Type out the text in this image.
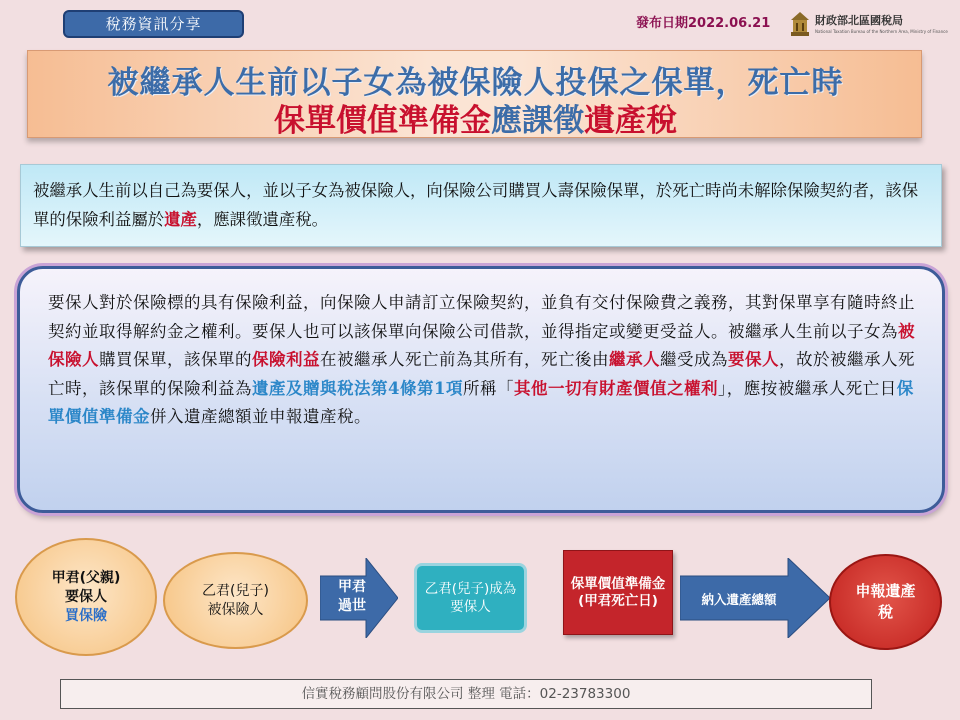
稅務資訊分享	發布日期2022.06.21	財政部北區國稅局
National Taxation Bureau of the Northern Area, Ministry of Finance
被繼承人生前以子女為被保險人投保之保單，死亡時
保單價值準備金應課徵遺產稅
被繼承人生前以自己為要保人，並以子女為被保險人，向保險公司購買人壽保險保單，於死亡時尚未解除保險契約者，該保單的保險利益屬於遺產，應課徵遺產稅。
要保人對於保險標的具有保險利益，向保險人申請訂立保險契約，並負有交付保險費之義務，其對保單享有隨時終止契約並取得解約金之權利。要保人也可以該保單向保險公司借款，並得指定或變更受益人。被繼承人生前以子女為被保險人購買保單，該保單的保險利益在被繼承人死亡前為其所有，死亡後由繼承人繼受成為要保人，故於被繼承人死亡時，該保單的保險利益為遺產及贈與稅法第4條第1項所稱「其他一切有財產價值之權利」，應按被繼承人死亡日保單價值準備金併入遺產總額並申報遺產稅。
甲君(父親)
要保人
買保險
乙君(兒子)
被保險人
甲君過世
乙君(兒子)成為要保人
保單價值準備金(甲君死亡日)	納入遺產總額	申報遺產稅
信實稅務顧問股份有限公司 整理 電話：02-23783300
